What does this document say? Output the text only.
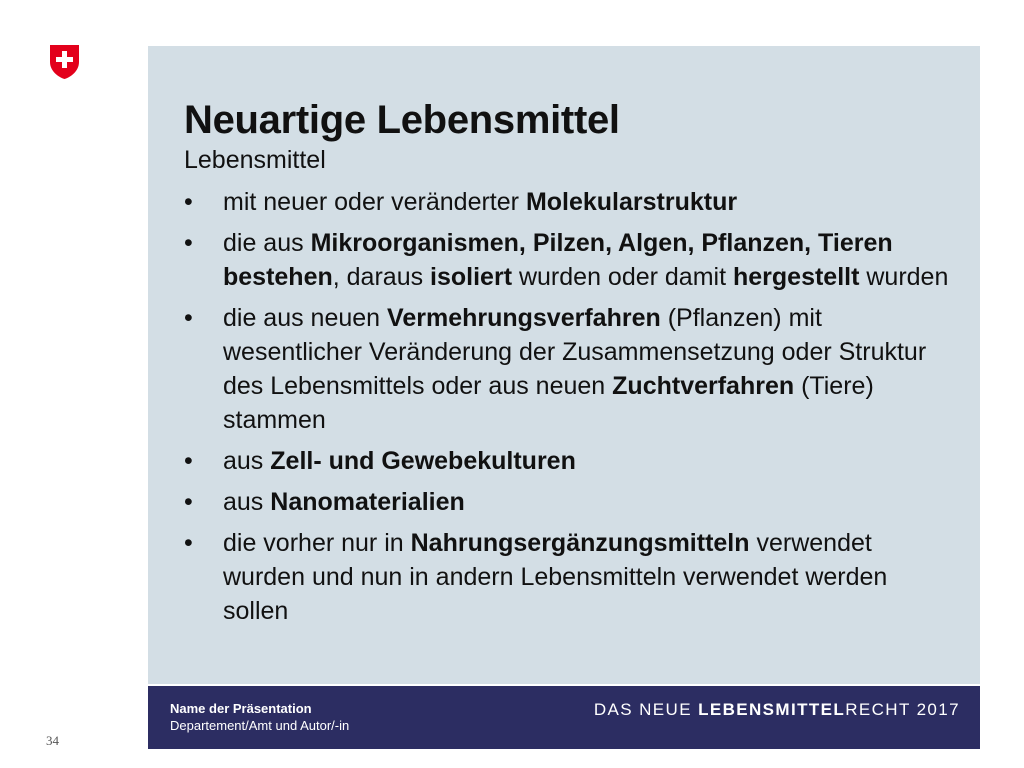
Neuartige Lebensmittel
Lebensmittel
• mit neuer oder veränderter Molekularstruktur
• die aus Mikroorganismen, Pilzen, Algen, Pflanzen, Tieren bestehen, daraus isoliert wurden oder damit hergestellt wurden
• die aus neuen Vermehrungsverfahren (Pflanzen) mit wesentlicher Veränderung der Zusammensetzung oder Struktur des Lebensmittels oder aus neuen Zuchtverfahren (Tiere) stammen
• aus Zell- und Gewebekulturen
• aus Nanomaterialien
• die vorher nur in Nahrungsergänzungsmitteln verwendet wurden und nun in andern Lebensmitteln verwendet werden sollen
Name der Präsentation
Departement/Amt und Autor/-in
DAS NEUE LEBENSMITTELRECHT 2017
34
